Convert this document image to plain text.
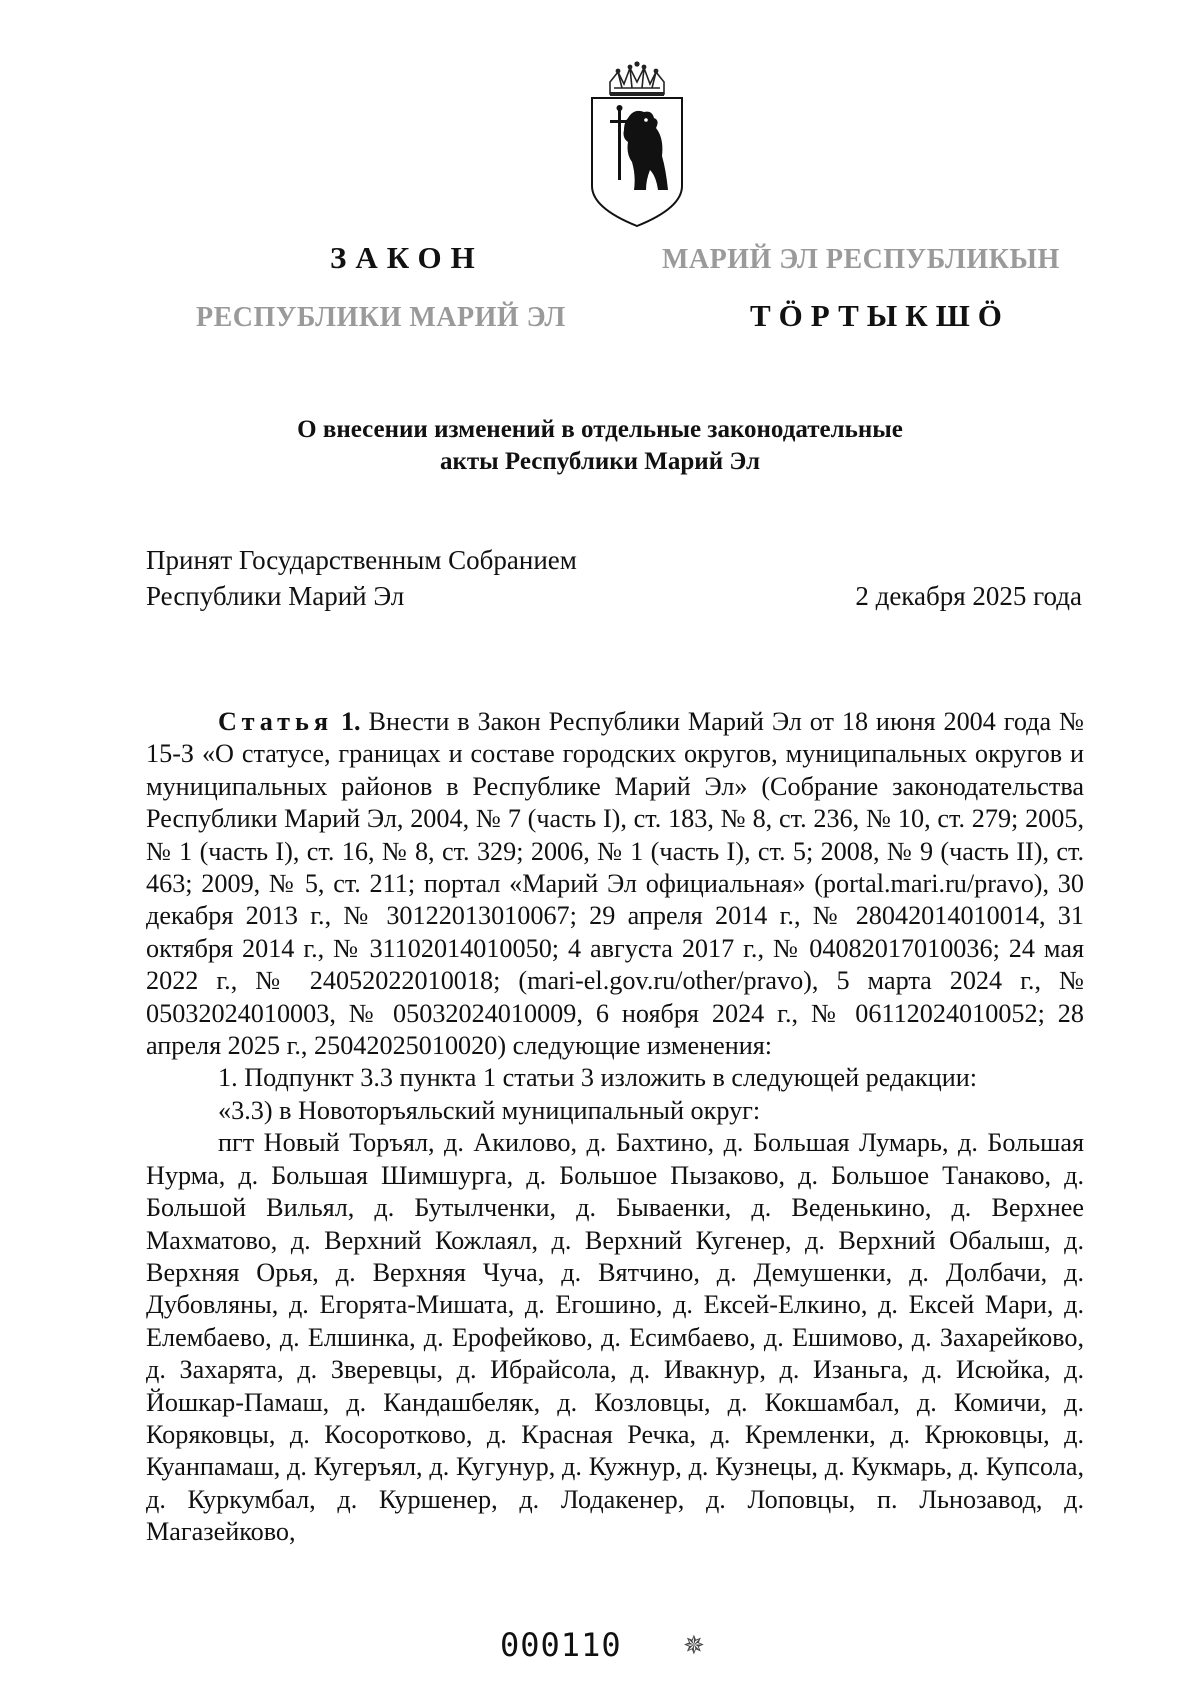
ЗАКОН	МАРИЙ ЭЛ РЕСПУБЛИКЫН
РЕСПУБЛИКИ МАРИЙ ЭЛ	ТӦРТЫКШӦ
О внесении изменений в отдельные законодательные
акты Республики Марий Эл
Принят Государственным Собранием
Республики Марий Эл	2 декабря 2025 года

Статья 1. Внести в Закон Республики Марий Эл от 18 июня 2004 года № 15-З «О статусе, границах и составе городских округов, муниципальных округов и муниципальных районов в Республике Марий Эл» (Собрание законодательства Республики Марий Эл, 2004, № 7 (часть I), ст. 183, № 8, ст. 236, № 10, ст. 279; 2005, № 1 (часть I), ст. 16, № 8, ст. 329; 2006, № 1 (часть I), ст. 5; 2008, № 9 (часть II), ст. 463; 2009, № 5, ст. 211; портал «Марий Эл официальная» (portal.mari.ru/pravo), 30 декабря 2013 г., № 30122013010067; 29 апреля 2014 г., № 28042014010014, 31 октября 2014 г., № 31102014010050; 4 августа 2017 г., № 04082017010036; 24 мая 2022 г., № 24052022010018; (mari-el.gov.ru/other/pravo), 5 марта 2024 г., № 05032024010003, № 05032024010009, 6 ноября 2024 г., № 06112024010052; 28 апреля 2025 г., 25042025010020) следующие изменения:

1. Подпункт 3.3 пункта 1 статьи 3 изложить в следующей редакции:

«3.3) в Новоторъяльский муниципальный округ:

пгт Новый Торъял, д. Акилово, д. Бахтино, д. Большая Лумарь, д. Большая Нурма, д. Большая Шимшурга, д. Большое Пызаково, д. Большое Танаково, д. Большой Вильял, д. Бутылченки, д. Бываенки, д. Веденькино, д. Верхнее Махматово, д. Верхний Кожлаял, д. Верхний Кугенер, д. Верхний Обалыш, д. Верхняя Орья, д. Верхняя Чуча, д. Вятчино, д. Демушенки, д. Долбачи, д. Дубовляны, д. Егорята-Мишата, д. Егошино, д. Ексей-Елкино, д. Ексей Мари, д. Елембаево, д. Елшинка, д. Ерофейково, д. Есимбаево, д. Ешимово, д. Захарейково, д. Захарята, д. Зверевцы, д. Ибрайсола, д. Ивакнур, д. Изаньга, д. Исюйка, д. Йошкар-Памаш, д. Кандашбеляк, д. Козловцы, д. Кокшамбал, д. Комичи, д. Коряковцы, д. Косоротково, д. Красная Речка, д. Кремленки, д. Крюковцы, д. Куанпамаш, д. Кугеръял, д. Кугунур, д. Кужнур, д. Кузнецы, д. Кукмарь, д. Купсола, д. Куркумбал, д. Куршенер, д. Лодакенер, д. Лоповцы, п. Льнозавод, д. Магазейково,

000110 ✵
